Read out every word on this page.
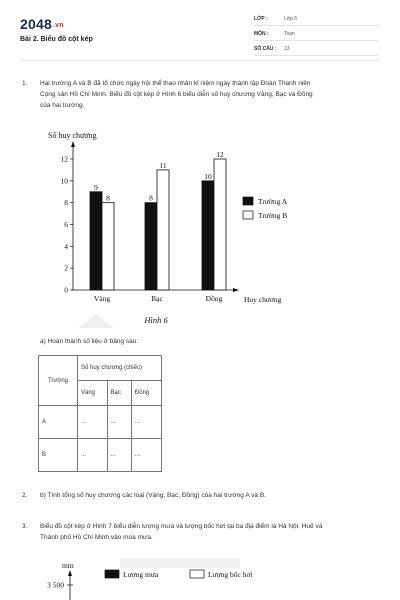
2048.vn
Bài 2. Biểu đồ cột kép
LỚP :	Lớp 6
MÔN :	Toán
SỐ CÂU : 13
1. Hai trường A và B đã tổ chức ngày hội thể thao nhân kỉ niệm ngày thành lập Đoàn Thanh niên
Cộng sản Hồ Chí Minh. Biểu đồ cột kép ở Hình 6 biểu diễn số huy chương Vàng, Bạc và Đồng
của hai trường.
Số huy chương
0
2
4
6
8
10
12
9
8	8
11
10
12
Vàng	Bạc	Đồng	Huy chương
Trường A
Trường B
Hình 6
a) Hoàn thành số liệu ở bảng sau:
Trường	Số huy chương (chiếc)		
	Vàng	Bạc	Đồng
A	...	...	...
B	...	...	...
2. b) Tính tổng số huy chương các loại (Vàng, Bạc, Đồng) của hai trường A và B.
3. Biểu đồ cột kép ở Hình 7 biểu diễn lượng mưa và lượng bốc hơi tại ba địa điểm là Hà Nội, Huế và
Thành phố Hồ Chí Minh vào mùa mưa.
mm
3 500
Lượng mưa	Lượng bốc hơi
